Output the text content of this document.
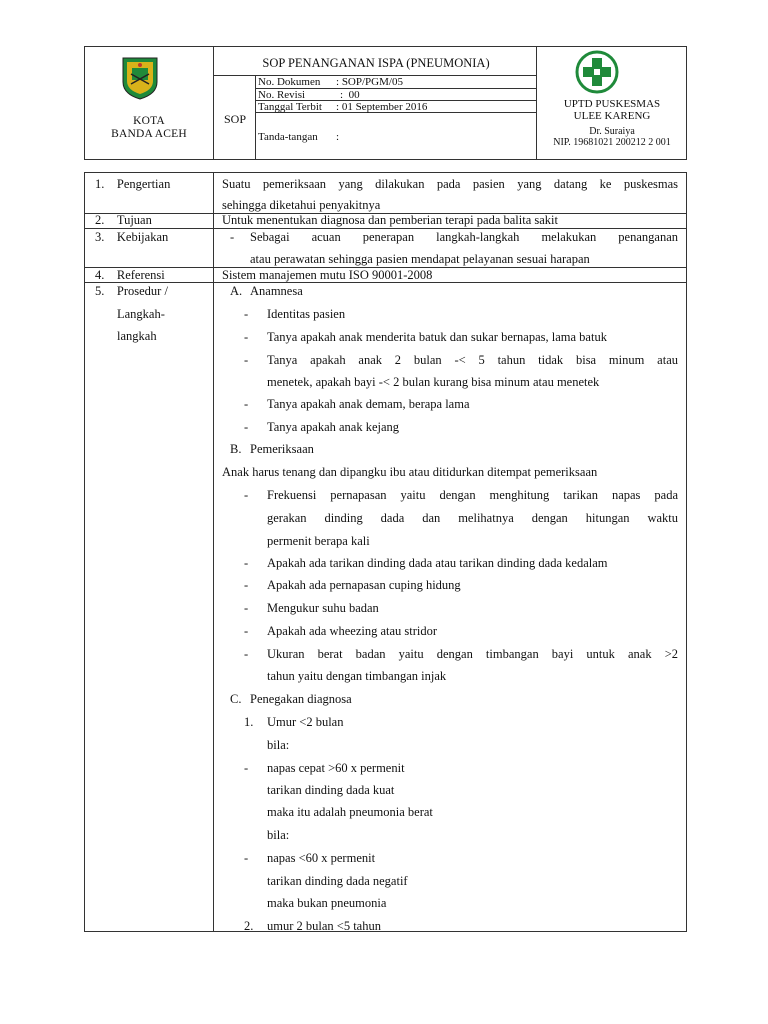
KOTA
BANDA ACEH
SOP PENANGANAN ISPA (PNEUMONIA)
SOP
No. Dokumen : SOP/PGM/05
No. Revisi	: 00
Tanggal Terbit : 01 September 2016
Tanda-tangan :
UPTD PUSKESMAS
ULEE KARENG
Dr. Suraiya
NIP. 19681021 200212 2 001
1. Pengertian
2. Tujuan
3. Kebijakan
4. Referensi
5. Prosedur /
Langkah-
langkah
Suatu pemeriksaan yang dilakukan pada pasien yang datang ke puskesmas
sehingga diketahui penyakitnya
Untuk menentukan diagnosa dan pemberian terapi pada balita sakit
- Sebagai acuan penerapan langkah-langkah melakukan penanganan
atau perawatan sehingga pasien mendapat pelayanan sesuai harapan
Sistem manajemen mutu ISO 90001-2008
A. Anamnesa
- Identitas pasien
- Tanya apakah anak menderita batuk dan sukar bernapas, lama batuk
- Tanya apakah anak 2 bulan -< 5 tahun tidak bisa minum atau
menetek, apakah bayi -< 2 bulan kurang bisa minum atau menetek
- Tanya apakah anak demam, berapa lama
- Tanya apakah anak kejang
B. Pemeriksaan
Anak harus tenang dan dipangku ibu atau ditidurkan ditempat pemeriksaan
- Frekuensi pernapasan yaitu dengan menghitung tarikan napas pada
gerakan dinding dada dan melihatnya dengan hitungan waktu
permenit berapa kali
- Apakah ada tarikan dinding dada atau tarikan dinding dada kedalam
- Apakah ada pernapasan cuping hidung
- Mengukur suhu badan
- Apakah ada wheezing atau stridor
- Ukuran berat badan yaitu dengan timbangan bayi untuk anak >2
tahun yaitu dengan timbangan injak
C. Penegakan diagnosa
1. Umur <2 bulan
bila:
- napas cepat >60 x permenit
tarikan dinding dada kuat
maka itu adalah pneumonia berat
bila:
- napas <60 x permenit
tarikan dinding dada negatif
maka bukan pneumonia
2. umur 2 bulan <5 tahun
